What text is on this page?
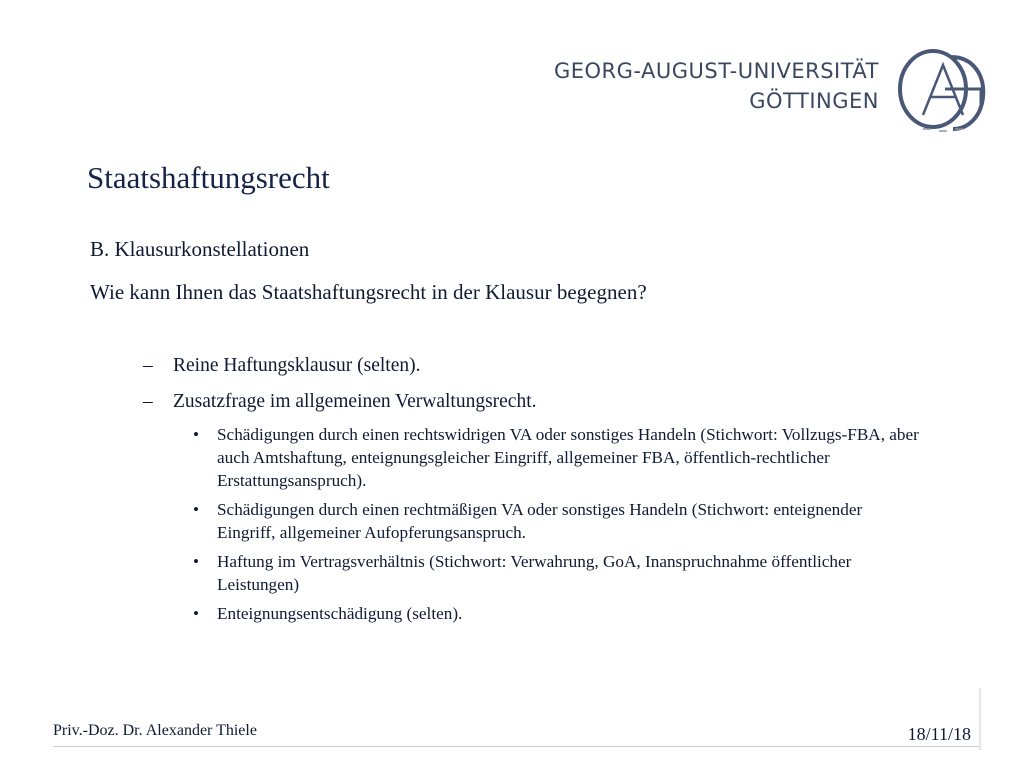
GEORG-AUGUST-UNIVERSITÄT
GÖTTINGEN
Staatshaftungsrecht
B. Klausurkonstellationen
Wie kann Ihnen das Staatshaftungsrecht in der Klausur begegnen?
– Reine Haftungsklausur (selten).
– Zusatzfrage im allgemeinen Verwaltungsrecht.
• Schädigungen durch einen rechtswidrigen VA oder sonstiges Handeln (Stichwort: Vollzugs-FBA, aber auch Amtshaftung, enteignungsgleicher Eingriff, allgemeiner FBA, öffentlich-rechtlicher Erstattungsanspruch).
• Schädigungen durch einen rechtmäßigen VA oder sonstiges Handeln (Stichwort: enteignender Eingriff, allgemeiner Aufopferungsanspruch.
• Haftung im Vertragsverhältnis (Stichwort: Verwahrung, GoA, Inanspruchnahme öffentlicher Leistungen)
• Enteignungsentschädigung (selten).
Priv.-Doz. Dr. Alexander Thiele	18/11/18
